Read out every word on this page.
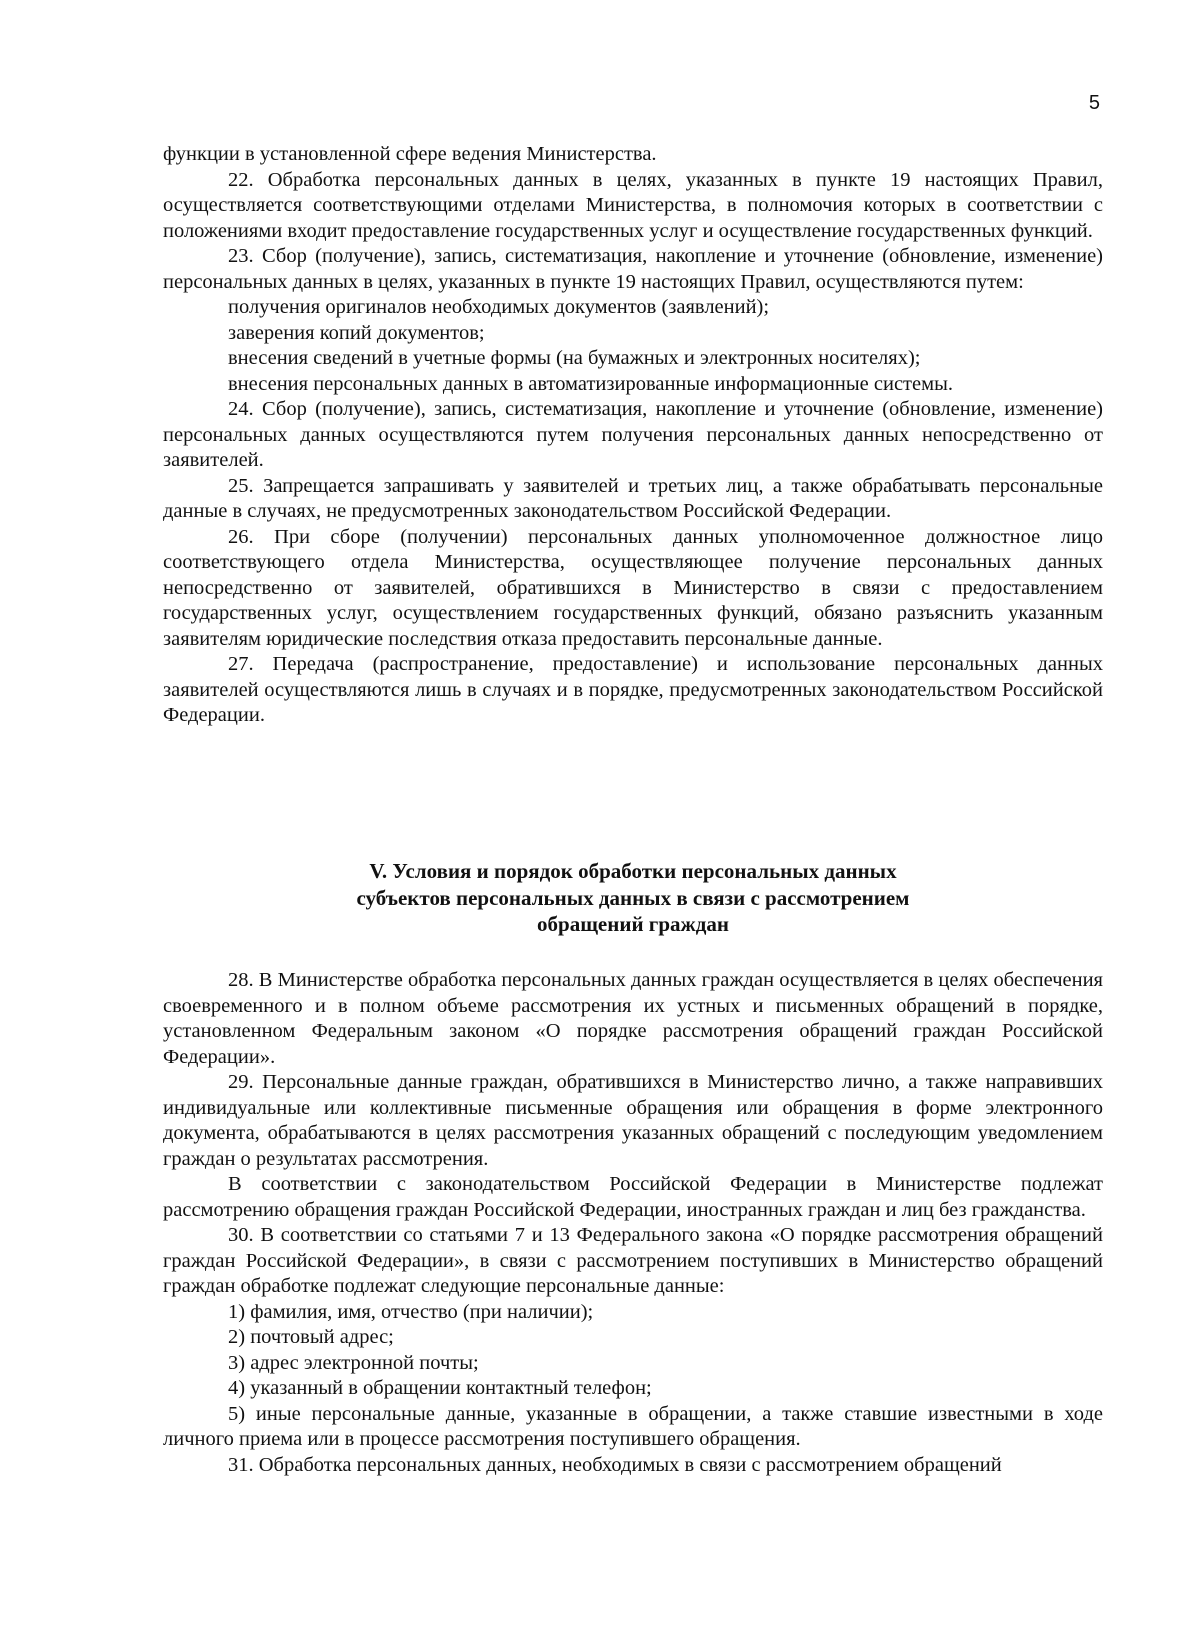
5

функции в установленной сфере ведения Министерства.

22. Обработка персональных данных в целях, указанных в пункте 19 настоящих Правил, осуществляется соответствующими отделами Министерства, в полномочия которых в соответствии с положениями входит предоставление государственных услуг и осуществление государственных функций.

23. Сбор (получение), запись, систематизация, накопление и уточнение (обновление, изменение) персональных данных в целях, указанных в пункте 19 настоящих Правил, осуществляются путем:

получения оригиналов необходимых документов (заявлений);

заверения копий документов;

внесения сведений в учетные формы (на бумажных и электронных носителях);

внесения персональных данных в автоматизированные информационные системы.

24. Сбор (получение), запись, систематизация, накопление и уточнение (обновление, изменение) персональных данных осуществляются путем получения персональных данных непосредственно от заявителей.

25. Запрещается запрашивать у заявителей и третьих лиц, а также обрабатывать персональные данные в случаях, не предусмотренных законодательством Российской Федерации.

26. При сборе (получении) персональных данных уполномоченное должностное лицо соответствующего отдела Министерства, осуществляющее получение персональных данных непосредственно от заявителей, обратившихся в Министерство в связи с предоставлением государственных услуг, осуществлением государственных функций, обязано разъяснить указанным заявителям юридические последствия отказа предоставить персональные данные.

27. Передача (распространение, предоставление) и использование персональных данных заявителей осуществляются лишь в случаях и в порядке, предусмотренных законодательством Российской Федерации.

V. Условия и порядок обработки персональных данных
субъектов персональных данных в связи с рассмотрением
обращений граждан

28. В Министерстве обработка персональных данных граждан осуществляется в целях обеспечения своевременного и в полном объеме рассмотрения их устных и письменных обращений в порядке, установленном Федеральным законом «О порядке рассмотрения обращений граждан Российской Федерации».

29. Персональные данные граждан, обратившихся в Министерство лично, а также направивших индивидуальные или коллективные письменные обращения или обращения в форме электронного документа, обрабатываются в целях рассмотрения указанных обращений с последующим уведомлением граждан о результатах рассмотрения.

В соответствии с законодательством Российской Федерации в Министерстве подлежат рассмотрению обращения граждан Российской Федерации, иностранных граждан и лиц без гражданства.

30. В соответствии со статьями 7 и 13 Федерального закона «О порядке рассмотрения обращений граждан Российской Федерации», в связи с рассмотрением поступивших в Министерство обращений граждан обработке подлежат следующие персональные данные:

1) фамилия, имя, отчество (при наличии);

2) почтовый адрес;

3) адрес электронной почты;

4) указанный в обращении контактный телефон;

5) иные персональные данные, указанные в обращении, а также ставшие известными в ходе личного приема или в процессе рассмотрения поступившего обращения.

31. Обработка персональных данных, необходимых в связи с рассмотрением обращений
